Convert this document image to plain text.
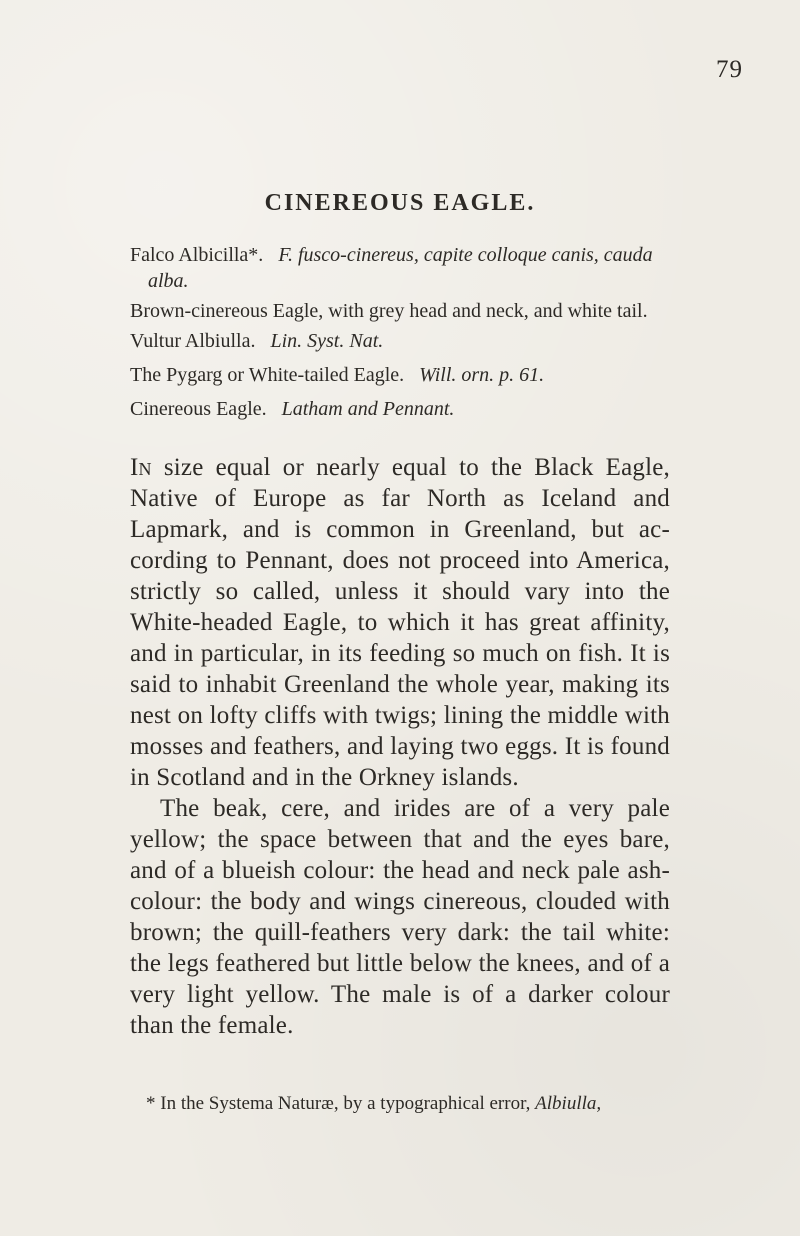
79
CINEREOUS EAGLE.
Falco Albicilla*. F. fusco-cinereus, capite colloque canis, cauda alba.
Brown-cinereous Eagle, with grey head and neck, and white tail.
Vultur Albiulla. Lin. Syst. Nat.
The Pygarg or White-tailed Eagle. Will. orn. p. 61.
Cinereous Eagle. Latham and Pennant.

In size equal or nearly equal to the Black Eagle, Native of Europe as far North as Iceland and Lapmark, and is common in Greenland, but ac-cording to Pennant, does not proceed into America, strictly so called, unless it should vary into the White-headed Eagle, to which it has great affinity, and in particular, in its feeding so much on fish. It is said to inhabit Greenland the whole year, making its nest on lofty cliffs with twigs; lining the middle with mosses and feathers, and laying two eggs. It is found in Scotland and in the Orkney islands.

The beak, cere, and irides are of a very pale yellow; the space between that and the eyes bare, and of a blueish colour: the head and neck pale ash-colour: the body and wings cinereous, clouded with brown; the quill-feathers very dark: the tail white: the legs feathered but little below the knees, and of a very light yellow. The male is of a darker colour than the female.

* In the Systema Naturæ, by a typographical error, Albiulla,
